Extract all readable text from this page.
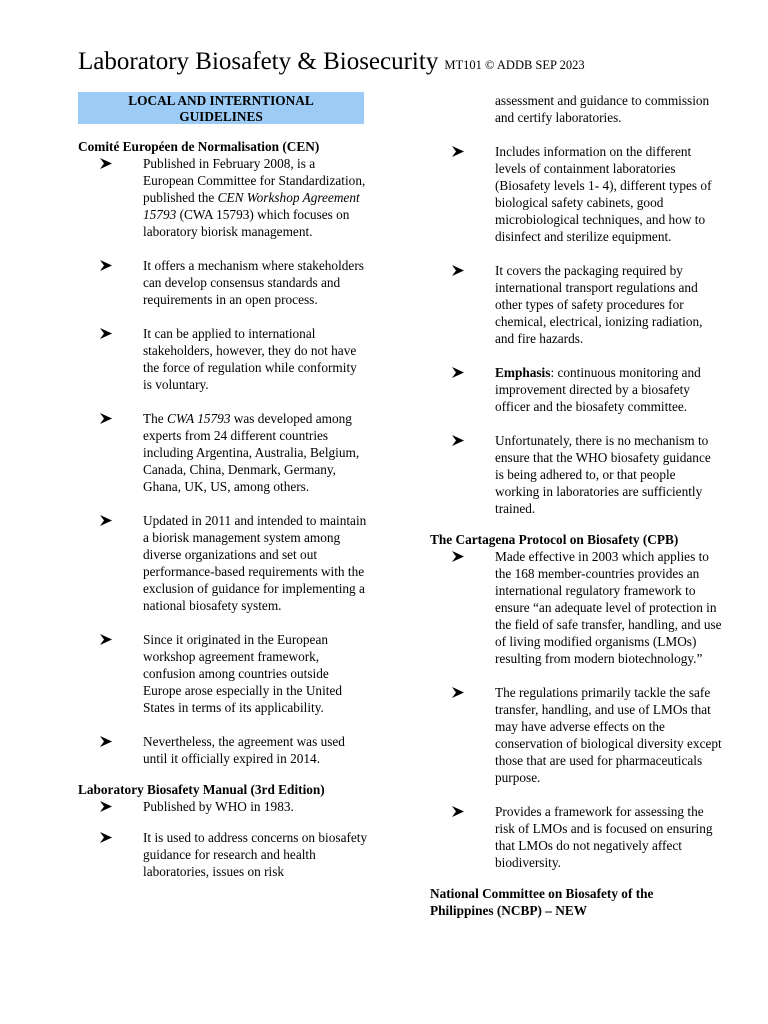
Laboratory Biosafety & Biosecurity MT101 © ADDB SEP 2023
LOCAL AND INTERNTIONAL
GUIDELINES
Comité Européen de Normalisation (CEN)
Published in February 2008, is a European Committee for Standardization, published the CEN Workshop Agreement 15793 (CWA 15793) which focuses on laboratory biorisk management.
It offers a mechanism where stakeholders can develop consensus standards and requirements in an open process.
It can be applied to international stakeholders, however, they do not have the force of regulation while conformity is voluntary.
The CWA 15793 was developed among experts from 24 different countries including Argentina, Australia, Belgium, Canada, China, Denmark, Germany, Ghana, UK, US, among others.
Updated in 2011 and intended to maintain a biorisk management system among diverse organizations and set out performance-based requirements with the exclusion of guidance for implementing a national biosafety system.
Since it originated in the European workshop agreement framework, confusion among countries outside Europe arose especially in the United States in terms of its applicability.
Nevertheless, the agreement was used until it officially expired in 2014.
Laboratory Biosafety Manual (3rd Edition)
Published by WHO in 1983.
It is used to address concerns on biosafety guidance for research and health laboratories, issues on risk
assessment and guidance to commission and certify laboratories.
Includes information on the different levels of containment laboratories (Biosafety levels 1- 4), different types of biological safety cabinets, good microbiological techniques, and how to disinfect and sterilize equipment.
It covers the packaging required by international transport regulations and other types of safety procedures for chemical, electrical, ionizing radiation, and fire hazards.
Emphasis: continuous monitoring and improvement directed by a biosafety officer and the biosafety committee.
Unfortunately, there is no mechanism to ensure that the WHO biosafety guidance is being adhered to, or that people working in laboratories are sufficiently trained.
The Cartagena Protocol on Biosafety (CPB)
Made effective in 2003 which applies to the 168 member-countries provides an international regulatory framework to ensure “an adequate level of protection in the field of safe transfer, handling, and use of living modified organisms (LMOs) resulting from modern biotechnology.”
The regulations primarily tackle the safe transfer, handling, and use of LMOs that may have adverse effects on the conservation of biological diversity except those that are used for pharmaceuticals purpose.
Provides a framework for assessing the risk of LMOs and is focused on ensuring that LMOs do not negatively affect biodiversity.
National Committee on Biosafety of the
Philippines (NCBP) – NEW
